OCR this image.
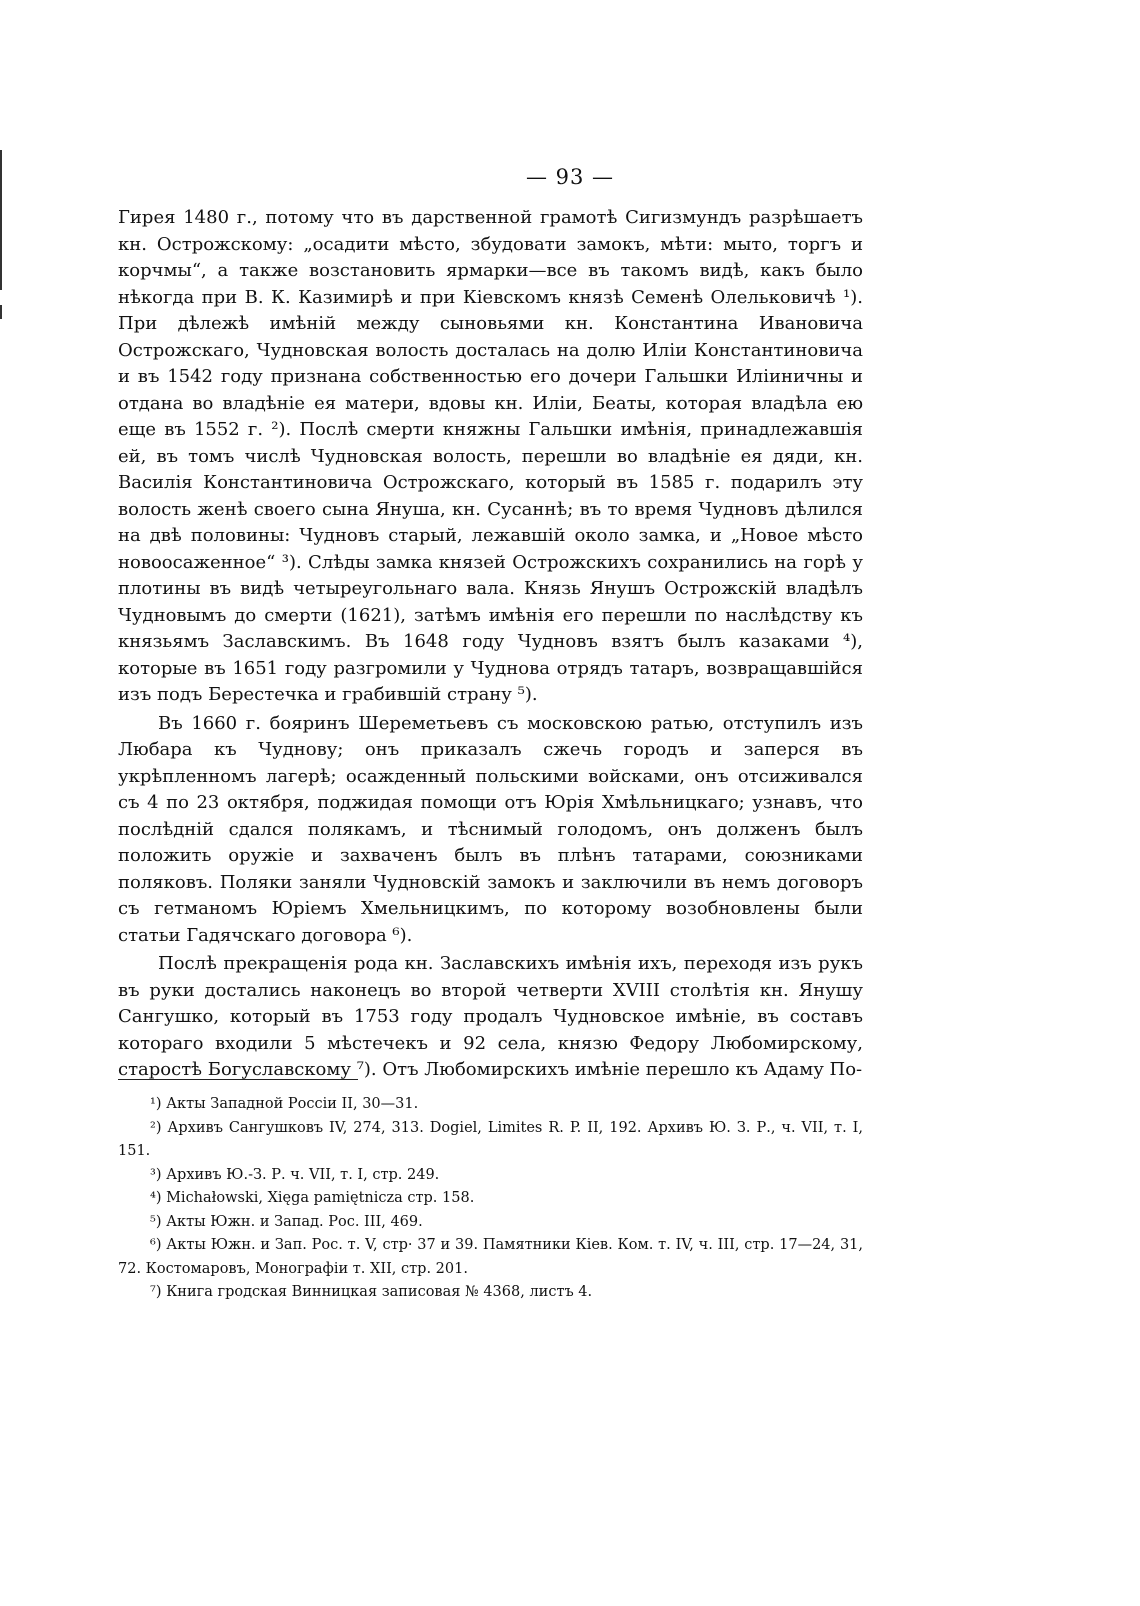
— 93 —

Гирея 1480 г., потому что въ дарственной грамотѣ Сигизмундъ разрѣшаетъ кн. Острожскому: „осадити мѣсто, збудовати замокъ, мѣти: мыто, торгъ и корчмы“, а также возстановить ярмарки—все въ такомъ видѣ, какъ было нѣкогда при В. К. Казимирѣ и при Кіевскомъ князѣ Семенѣ Олельковичѣ ¹). При дѣлежѣ имѣній между сыновьями кн. Константина Ивановича Острожскаго, Чудновская волость досталась на долю Иліи Константиновича и въ 1542 году признана собственностью его дочери Гальшки Иліиничны и отдана во владѣніе ея матери, вдовы кн. Иліи, Беаты, которая владѣла ею еще въ 1552 г. ²). Послѣ смерти княжны Гальшки имѣнія, принадлежавшія ей, въ томъ числѣ Чудновская волость, перешли во владѣніе ея дяди, кн. Василія Константиновича Острожскаго, который въ 1585 г. подарилъ эту волость женѣ своего сына Януша, кн. Сусаннѣ; въ то время Чудновъ дѣлился на двѣ половины: Чудновъ старый, лежавшій около замка, и „Новое мѣсто новоосаженное“ ³). Слѣды замка князей Острожскихъ сохранились на горѣ у плотины въ видѣ четыреугольнаго вала. Князь Янушъ Острожскій владѣлъ Чудновымъ до смерти (1621), затѣмъ имѣнія его перешли по наслѣдству къ князьямъ Заславскимъ. Въ 1648 году Чудновъ взятъ былъ казаками ⁴), которые въ 1651 году разгромили у Чуднова отрядъ татаръ, возвращавшійся изъ подъ Берестечка и грабившій страну ⁵).

Въ 1660 г. бояринъ Шереметьевъ съ московскою ратью, отступилъ изъ Любара къ Чуднову; онъ приказалъ сжечь городъ и заперся въ укрѣпленномъ лагерѣ; осажденный польскими войсками, онъ отсиживался съ 4 по 23 октября, поджидая помощи отъ Юрія Хмѣльницкаго; узнавъ, что послѣдній сдался полякамъ, и тѣснимый голодомъ, онъ долженъ былъ положить оружіе и захваченъ былъ въ плѣнъ татарами, союзниками поляковъ. Поляки заняли Чудновскій замокъ и заключили въ немъ договоръ съ гетманомъ Юріемъ Хмельницкимъ, по которому возобновлены были статьи Гадячскаго договора ⁶).

Послѣ прекращенія рода кн. Заславскихъ имѣнія ихъ, переходя изъ рукъ въ руки достались наконецъ во второй четверти XVIII столѣтія кн. Янушу Сангушко, который въ 1753 году продалъ Чудновское имѣніе, въ составъ котораго входили 5 мѣстечекъ и 92 села, князю Федору Любомирскому, старостѣ Богуславскому ⁷). Отъ Любомирскихъ имѣніе перешло къ Адаму По-

¹) Акты Западной Россіи II, 30—31.

²) Архивъ Сангушковъ IV, 274, 313. Dogiel, Limites R. P. II, 192. Архивъ Ю. З. Р., ч. VII, т. I, 151.

³) Архивъ Ю.-З. Р. ч. VII, т. I, стр. 249.

⁴) Michałowski, Xięga pamiętnicza стр. 158.

⁵) Акты Южн. и Запад. Рос. III, 469.

⁶) Акты Южн. и Зап. Рос. т. V, стр· 37 и 39. Памятники Кіев. Ком. т. IV, ч. III, стр. 17—24, 31, 72. Костомаровъ, Монографіи т. XII, стр. 201.

⁷) Книга гродская Винницкая записовая № 4368, листъ 4.
